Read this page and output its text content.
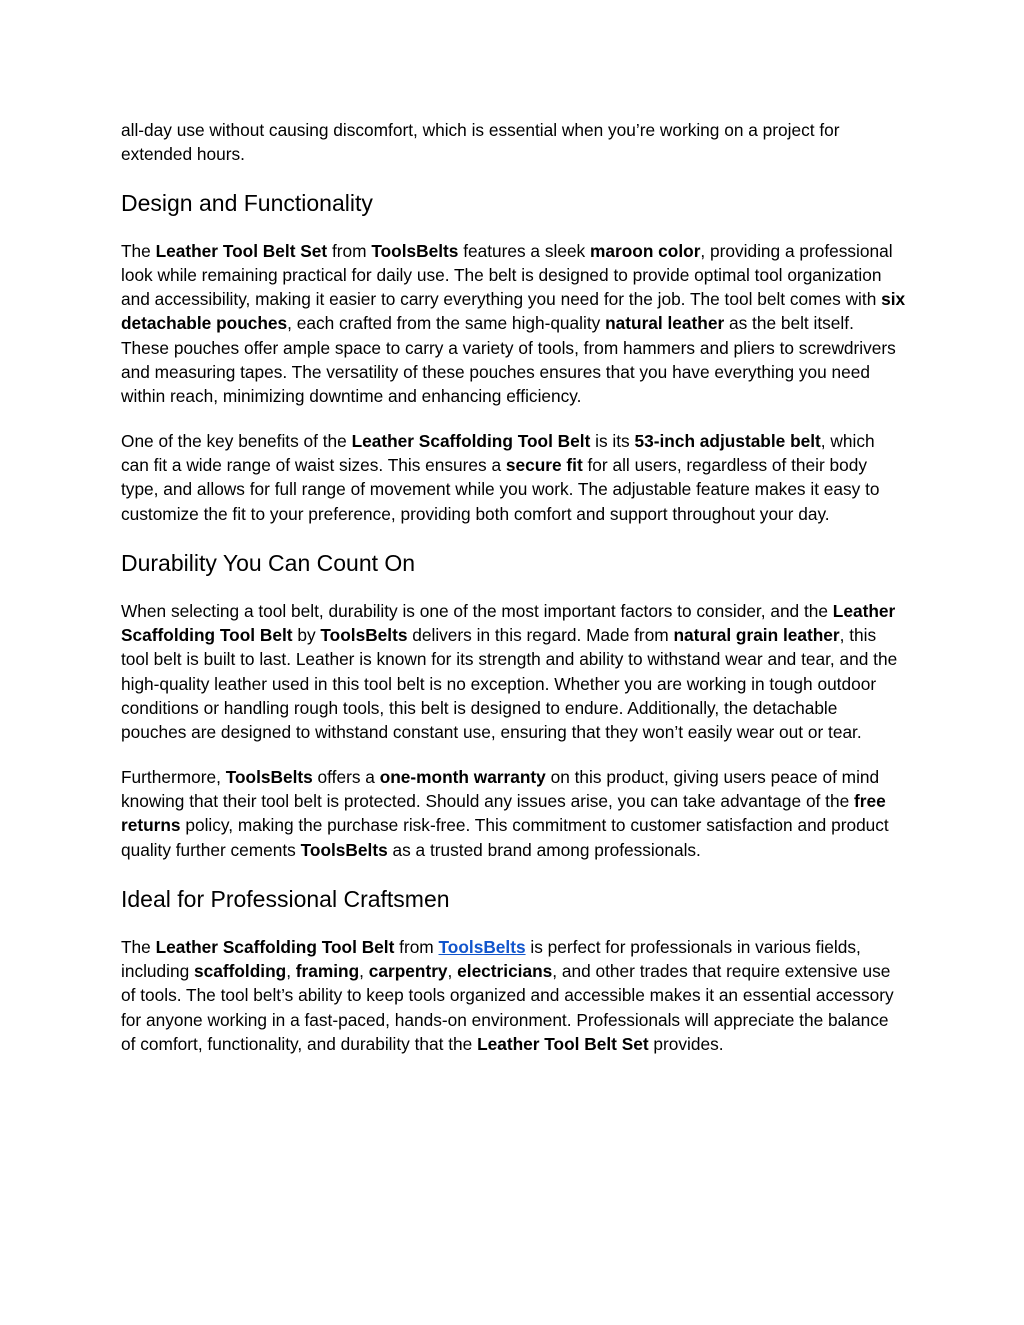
all-day use without causing discomfort, which is essential when you’re working on a project for extended hours.

Design and Functionality

The Leather Tool Belt Set from ToolsBelts features a sleek maroon color, providing a professional look while remaining practical for daily use. The belt is designed to provide optimal tool organization and accessibility, making it easier to carry everything you need for the job. The tool belt comes with six detachable pouches, each crafted from the same high-quality natural leather as the belt itself. These pouches offer ample space to carry a variety of tools, from hammers and pliers to screwdrivers and measuring tapes. The versatility of these pouches ensures that you have everything you need within reach, minimizing downtime and enhancing efficiency.

One of the key benefits of the Leather Scaffolding Tool Belt is its 53-inch adjustable belt, which can fit a wide range of waist sizes. This ensures a secure fit for all users, regardless of their body type, and allows for full range of movement while you work. The adjustable feature makes it easy to customize the fit to your preference, providing both comfort and support throughout your day.

Durability You Can Count On

When selecting a tool belt, durability is one of the most important factors to consider, and the Leather Scaffolding Tool Belt by ToolsBelts delivers in this regard. Made from natural grain leather, this tool belt is built to last. Leather is known for its strength and ability to withstand wear and tear, and the high-quality leather used in this tool belt is no exception. Whether you are working in tough outdoor conditions or handling rough tools, this belt is designed to endure. Additionally, the detachable pouches are designed to withstand constant use, ensuring that they won’t easily wear out or tear.

Furthermore, ToolsBelts offers a one-month warranty on this product, giving users peace of mind knowing that their tool belt is protected. Should any issues arise, you can take advantage of the free returns policy, making the purchase risk-free. This commitment to customer satisfaction and product quality further cements ToolsBelts as a trusted brand among professionals.

Ideal for Professional Craftsmen

The Leather Scaffolding Tool Belt from ToolsBelts is perfect for professionals in various fields, including scaffolding, framing, carpentry, electricians, and other trades that require extensive use of tools. The tool belt’s ability to keep tools organized and accessible makes it an essential accessory for anyone working in a fast-paced, hands-on environment. Professionals will appreciate the balance of comfort, functionality, and durability that the Leather Tool Belt Set provides.
